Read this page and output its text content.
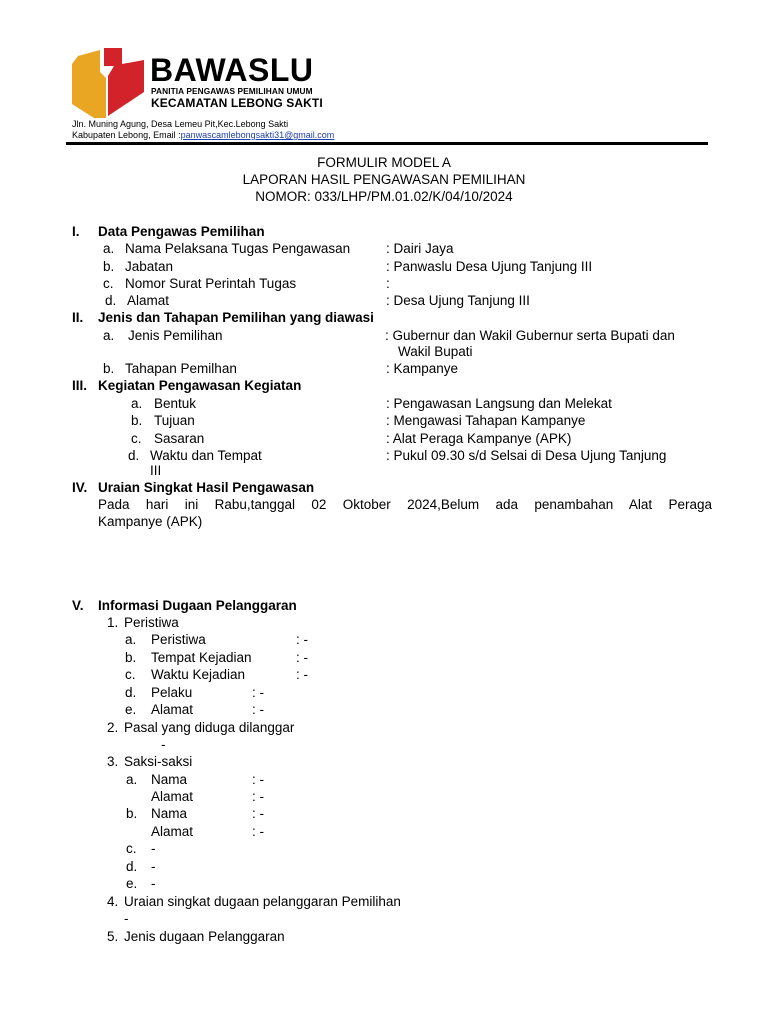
BAWASLU
PANITIA PENGAWAS PEMILIHAN UMUM
KECAMATAN LEBONG SAKTI
Jln. Muning Agung, Desa Lemeu Pit,Kec.Lebong Sakti
Kabupaten Lebong, Email :panwascamlebongsakti31@gmail.com
FORMULIR MODEL A
LAPORAN HASIL PENGAWASAN PEMILIHAN
NOMOR: 033/LHP/PM.01.02/K/04/10/2024
I. Data Pengawas Pemilihan
a. Nama Pelaksana Tugas Pengawasan	: Dairi Jaya
b. Jabatan	: Panwaslu Desa Ujung Tanjung III
c. Nomor Surat Perintah Tugas	:
d. Alamat	: Desa Ujung Tanjung III
II. Jenis dan Tahapan Pemilihan yang diawasi
a. Jenis Pemilihan	: Gubernur dan Wakil Gubernur serta Bupati dan
Wakil Bupati
b. Tahapan Pemilhan	: Kampanye
III. Kegiatan Pengawasan Kegiatan
a. Bentuk	: Pengawasan Langsung dan Melekat
b. Tujuan	: Mengawasi Tahapan Kampanye
c. Sasaran	: Alat Peraga Kampanye (APK)
d. Waktu dan Tempat	: Pukul 09.30 s/d Selsai di Desa Ujung Tanjung
III
IV. Uraian Singkat Hasil Pengawasan
Pada hari ini Rabu,tanggal 02 Oktober 2024,Belum ada penambahan Alat Peraga
Kampanye (APK)
V. Informasi Dugaan Pelanggaran
1. Peristiwa
a. Peristiwa	: -
b. Tempat Kejadian	: -
c. Waktu Kejadian	: -
d. Pelaku	: -
e. Alamat	: -
2. Pasal yang diduga dilanggar
-
3. Saksi-saksi
a. Nama	: -
Alamat	: -
b. Nama	: -
Alamat	: -
c. -
d. -
e. -
4. Uraian singkat dugaan pelanggaran Pemilihan
-
5. Jenis dugaan Pelanggaran
